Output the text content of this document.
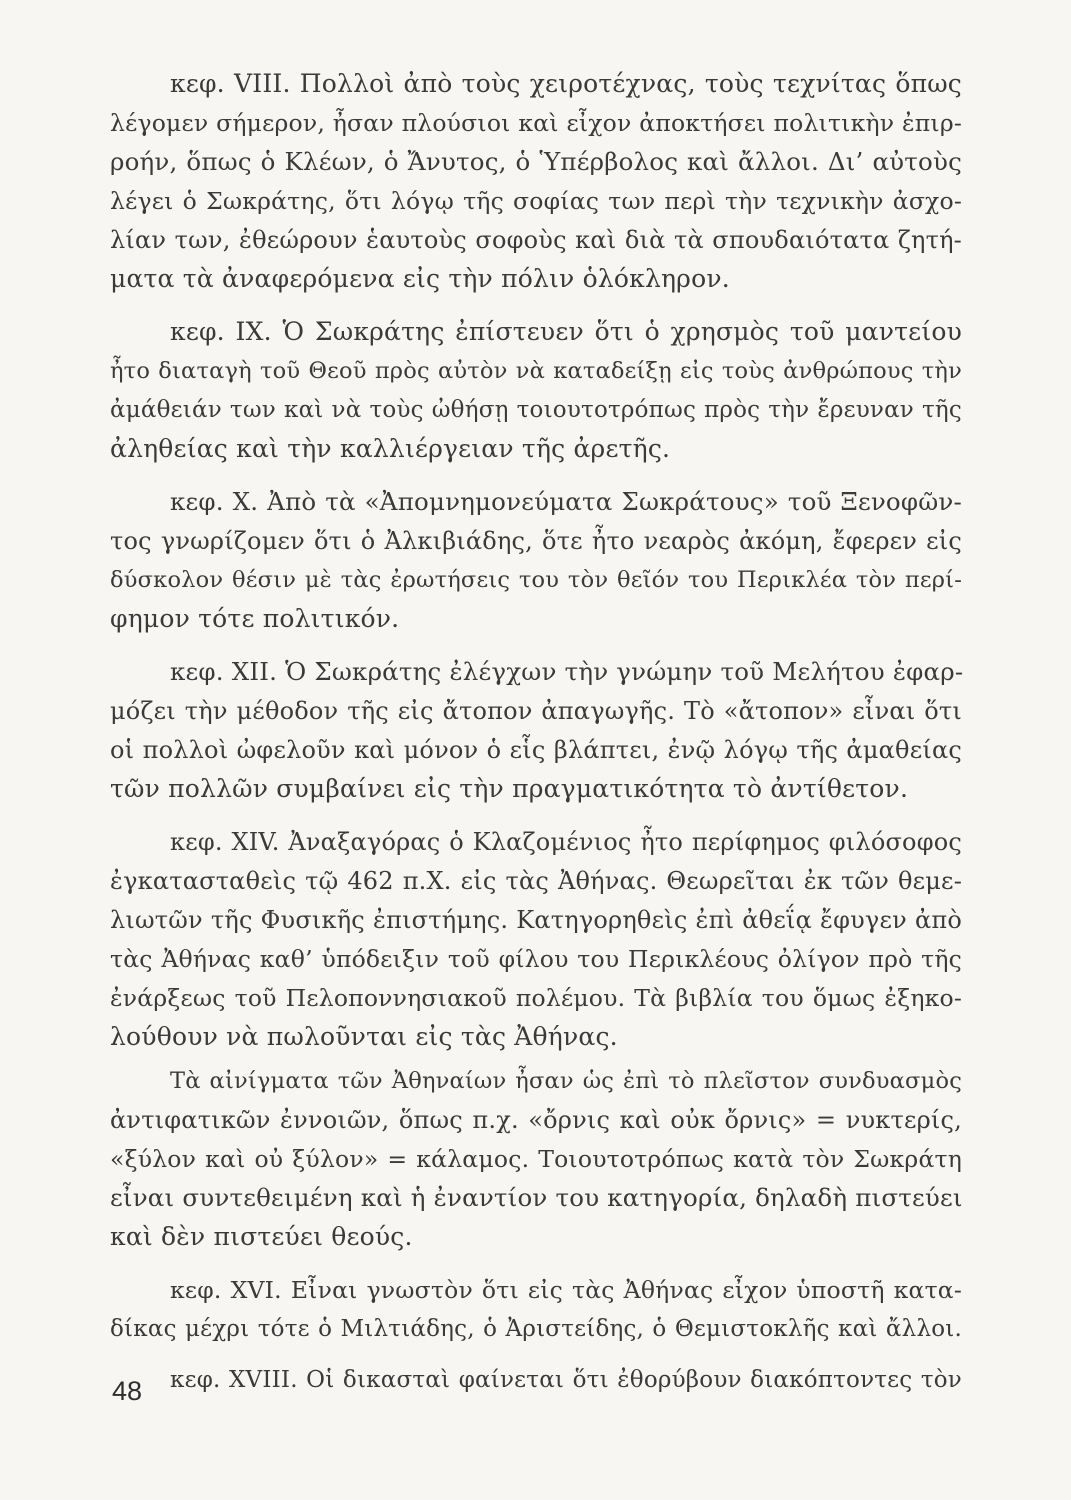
κεφ. VIII. Πολλοὶ ἀπὸ τοὺς χειροτέχνας, τοὺς τεχνίτας ὅπως
λέγομεν σήμερον, ἦσαν πλούσιοι καὶ εἶχον ἀποκτήσει πολιτικὴν ἐπιρ-
ροήν, ὅπως ὁ Κλέων, ὁ Ἄνυτος, ὁ Ὑπέρβολος καὶ ἄλλοι. Δι’ αὐτοὺς
λέγει ὁ Σωκράτης, ὅτι λόγῳ τῆς σοφίας των περὶ τὴν τεχνικὴν ἀσχο-
λίαν των, ἐθεώρουν ἑαυτοὺς σοφοὺς καὶ διὰ τὰ σπουδαιότατα ζητή-
ματα τὰ ἀναφερόμενα εἰς τὴν πόλιν ὁλόκληρον.
κεφ. IX. Ὁ Σωκράτης ἐπίστευεν ὅτι ὁ χρησμὸς τοῦ μαντείου
ἦτο διαταγὴ τοῦ Θεοῦ πρὸς αὐτὸν νὰ καταδείξῃ εἰς τοὺς ἀνθρώπους τὴν
ἀμάθειάν των καὶ νὰ τοὺς ὠθήσῃ τοιουτοτρόπως πρὸς τὴν ἔρευναν τῆς
ἀληθείας καὶ τὴν καλλιέργειαν τῆς ἀρετῆς.
κεφ. Χ. Ἀπὸ τὰ «Ἀπομνημονεύματα Σωκράτους» τοῦ Ξενοφῶν-
τος γνωρίζομεν ὅτι ὁ Ἀλκιβιάδης, ὅτε ἦτο νεαρὸς ἀκόμη, ἔφερεν εἰς
δύσκολον θέσιν μὲ τὰς ἐρωτήσεις του τὸν θεῖόν του Περικλέα τὸν περί-
φημον τότε πολιτικόν.
κεφ. XII. Ὁ Σωκράτης ἐλέγχων τὴν γνώμην τοῦ Μελήτου ἐφαρ-
μόζει τὴν μέθοδον τῆς εἰς ἄτοπον ἀπαγωγῆς. Τὸ «ἄτοπον» εἶναι ὅτι
οἱ πολλοὶ ὠφελοῦν καὶ μόνον ὁ εἷς βλάπτει, ἐνῷ λόγῳ τῆς ἀμαθείας
τῶν πολλῶν συμβαίνει εἰς τὴν πραγματικότητα τὸ ἀντίθετον.
κεφ. XIV. Ἀναξαγόρας ὁ Κλαζομένιος ἦτο περίφημος φιλόσοφος
ἐγκατασταθεὶς τῷ 462 π.Χ. εἰς τὰς Ἀθήνας. Θεωρεῖται ἐκ τῶν θεμε-
λιωτῶν τῆς Φυσικῆς ἐπιστήμης. Κατηγορηθεὶς ἐπὶ ἀθεΐᾳ ἔφυγεν ἀπὸ
τὰς Ἀθήνας καθ’ ὑπόδειξιν τοῦ φίλου του Περικλέους ὀλίγον πρὸ τῆς
ἐνάρξεως τοῦ Πελοποννησιακοῦ πολέμου. Τὰ βιβλία του ὅμως ἐξηκο-
λούθουν νὰ πωλοῦνται εἰς τὰς Ἀθήνας.
Τὰ αἰνίγματα τῶν Ἀθηναίων ἦσαν ὡς ἐπὶ τὸ πλεῖστον συνδυασμὸς
ἀντιφατικῶν ἐννοιῶν, ὅπως π.χ. «ὄρνις καὶ οὐκ ὄρνις» = νυκτερίς,
«ξύλον καὶ οὐ ξύλον» = κάλαμος. Τοιουτοτρόπως κατὰ τὸν Σωκράτη
εἶναι συντεθειμένη καὶ ἡ ἐναντίον του κατηγορία, δηλαδὴ πιστεύει
καὶ δὲν πιστεύει θεούς.
κεφ. XVI. Εἶναι γνωστὸν ὅτι εἰς τὰς Ἀθήνας εἶχον ὑποστῆ κατα-
δίκας μέχρι τότε ὁ Μιλτιάδης, ὁ Ἀριστείδης, ὁ Θεμιστοκλῆς καὶ ἄλλοι.
κεφ. XVIII. Οἱ δικασταὶ φαίνεται ὅτι ἐθορύβουν διακόπτοντες τὸν
48
